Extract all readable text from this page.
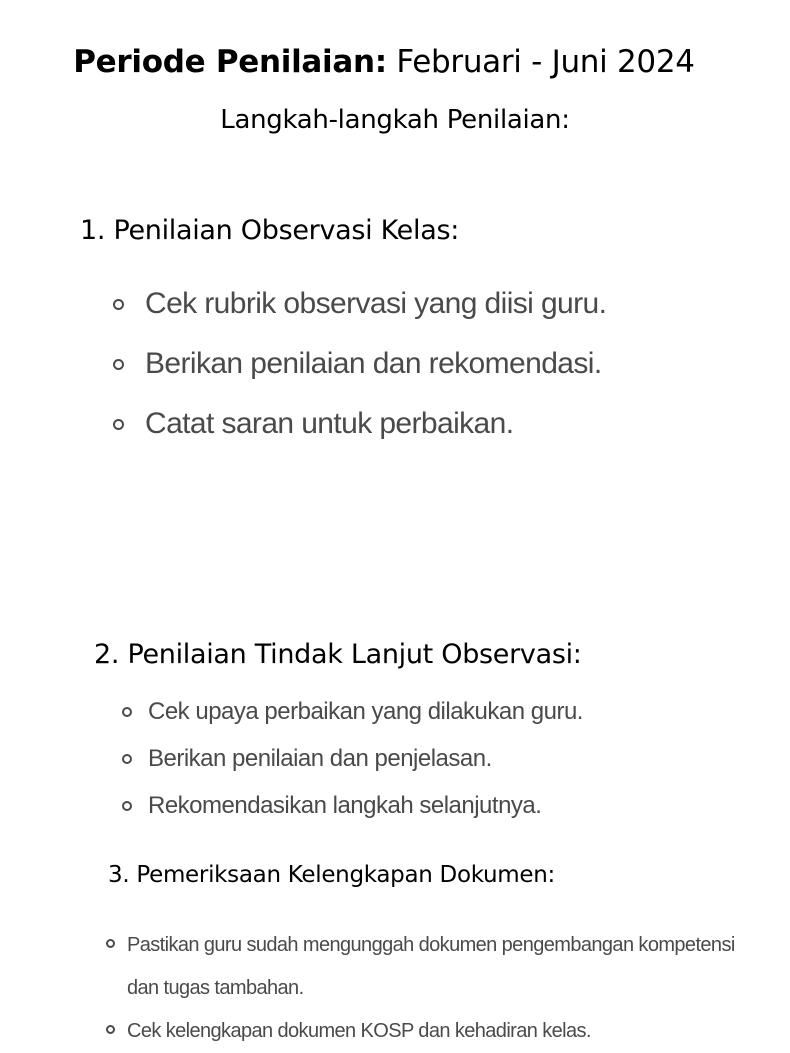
Periode Penilaian: Februari - Juni 2024
Langkah-langkah Penilaian:
1. Penilaian Observasi Kelas:
Cek rubrik observasi yang diisi guru.
Berikan penilaian dan rekomendasi.
Catat saran untuk perbaikan.
2. Penilaian Tindak Lanjut Observasi:
Cek upaya perbaikan yang dilakukan guru.
Berikan penilaian dan penjelasan.
Rekomendasikan langkah selanjutnya.
3. Pemeriksaan Kelengkapan Dokumen:
Pastikan guru sudah mengunggah dokumen pengembangan kompetensi dan tugas tambahan.
Cek kelengkapan dokumen KOSP dan kehadiran kelas.
